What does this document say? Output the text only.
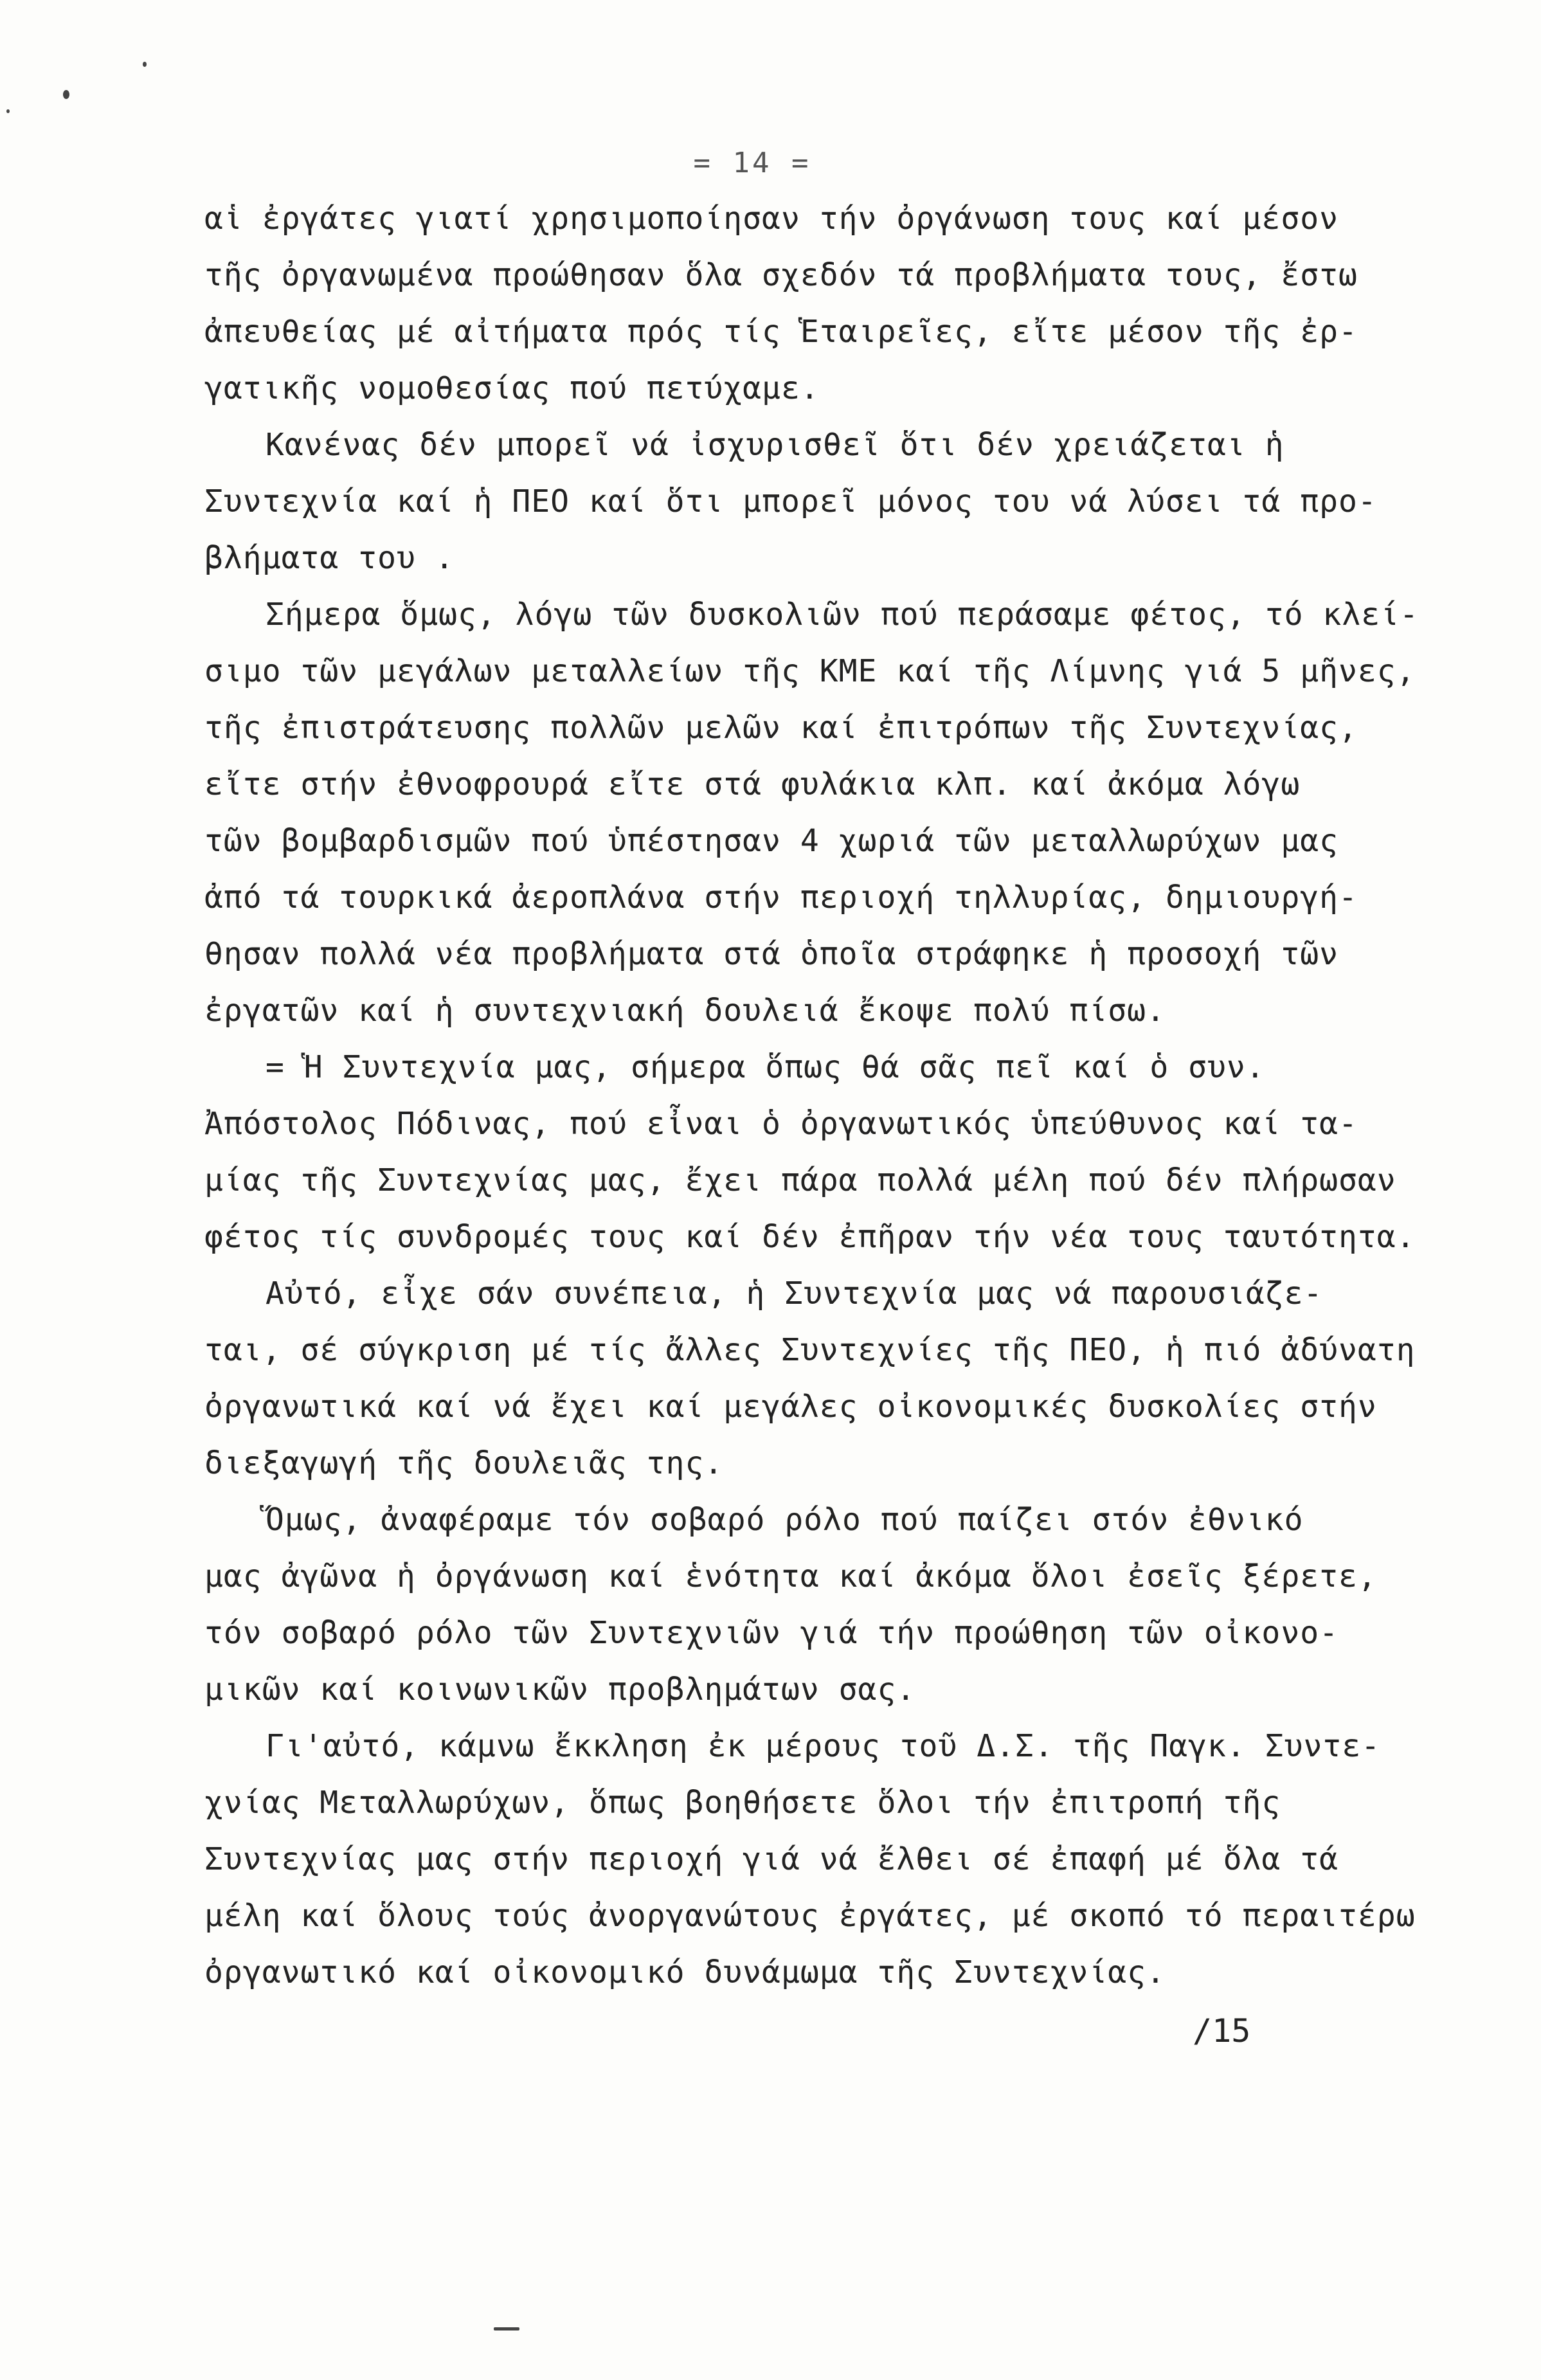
= 14 =
αἱ ἐργάτες γιατί χρησιμοποίησαν τήν ὀργάνωση τους καί μέσον
τῆς ὀργανωμένα προώθησαν ὅλα σχεδόν τά προβλήματα τους, ἔστω
ἀπευθείας μέ αἰτήματα πρός τίς Ἑταιρεῖες, εἴτε μέσον τῆς ἐρ-
γατικῆς νομοθεσίας πού πετύχαμε.
Κανένας δέν μπορεῖ νά ἰσχυρισθεῖ ὅτι δέν χρειάζεται ἡ
Συντεχνία καί ἡ ΠΕΟ καί ὅτι μπορεῖ μόνος του νά λύσει τά προ-
βλήματα του .
Σήμερα ὅμως, λόγω τῶν δυσκολιῶν πού περάσαμε φέτος, τό κλεί-
σιμο τῶν μεγάλων μεταλλείων τῆς ΚΜΕ καί τῆς Λίμνης γιά 5 μῆνες,
τῆς ἐπιστράτευσης πολλῶν μελῶν καί ἐπιτρόπων τῆς Συντεχνίας,
εἴτε στήν ἐθνοφρουρά εἴτε στά φυλάκια κλπ. καί ἀκόμα λόγω
τῶν βομβαρδισμῶν πού ὑπέστησαν 4 χωριά τῶν μεταλλωρύχων μας
ἀπό τά τουρκικά ἀεροπλάνα στήν περιοχή τηλλυρίας, δημιουργή-
θησαν πολλά νέα προβλήματα στά ὁποῖα στράφηκε ἡ προσοχή τῶν
ἐργατῶν καί ἡ συντεχνιακή δουλειά ἔκοψε πολύ πίσω.
= Ἡ Συντεχνία μας, σήμερα ὅπως θά σᾶς πεῖ καί ὁ συν.
Ἀπόστολος Πόδινας, πού εἶναι ὁ ὀργανωτικός ὑπεύθυνος καί τα-
μίας τῆς Συντεχνίας μας, ἔχει πάρα πολλά μέλη πού δέν πλήρωσαν
φέτος τίς συνδρομές τους καί δέν ἐπῆραν τήν νέα τους ταυτότητα.
Αὐτό, εἶχε σάν συνέπεια, ἡ Συντεχνία μας νά παρουσιάζε-
ται, σέ σύγκριση μέ τίς ἄλλες Συντεχνίες τῆς ΠΕΟ, ἡ πιό ἀδύνατη
ὀργανωτικά καί νά ἔχει καί μεγάλες οἰκονομικές δυσκολίες στήν
διεξαγωγή τῆς δουλειᾶς της.
Ὅμως, ἀναφέραμε τόν σοβαρό ρόλο πού παίζει στόν ἐθνικό
μας ἀγῶνα ἡ ὀργάνωση καί ἑνότητα καί ἀκόμα ὅλοι ἐσεῖς ξέρετε,
τόν σοβαρό ρόλο τῶν Συντεχνιῶν γιά τήν προώθηση τῶν οἰκονο-
μικῶν καί κοινωνικῶν προβλημάτων σας.
Γι'αὐτό, κάμνω ἔκκληση ἐκ μέρους τοῦ Δ.Σ. τῆς Παγκ. Συντε-
χνίας Μεταλλωρύχων, ὅπως βοηθήσετε ὅλοι τήν ἐπιτροπή τῆς
Συντεχνίας μας στήν περιοχή γιά νά ἔλθει σέ ἐπαφή μέ ὅλα τά
μέλη καί ὅλους τούς ἀνοργανώτους ἐργάτες, μέ σκοπό τό περαιτέρω
ὀργανωτικό καί οἰκονομικό δυνάμωμα τῆς Συντεχνίας.
/15
